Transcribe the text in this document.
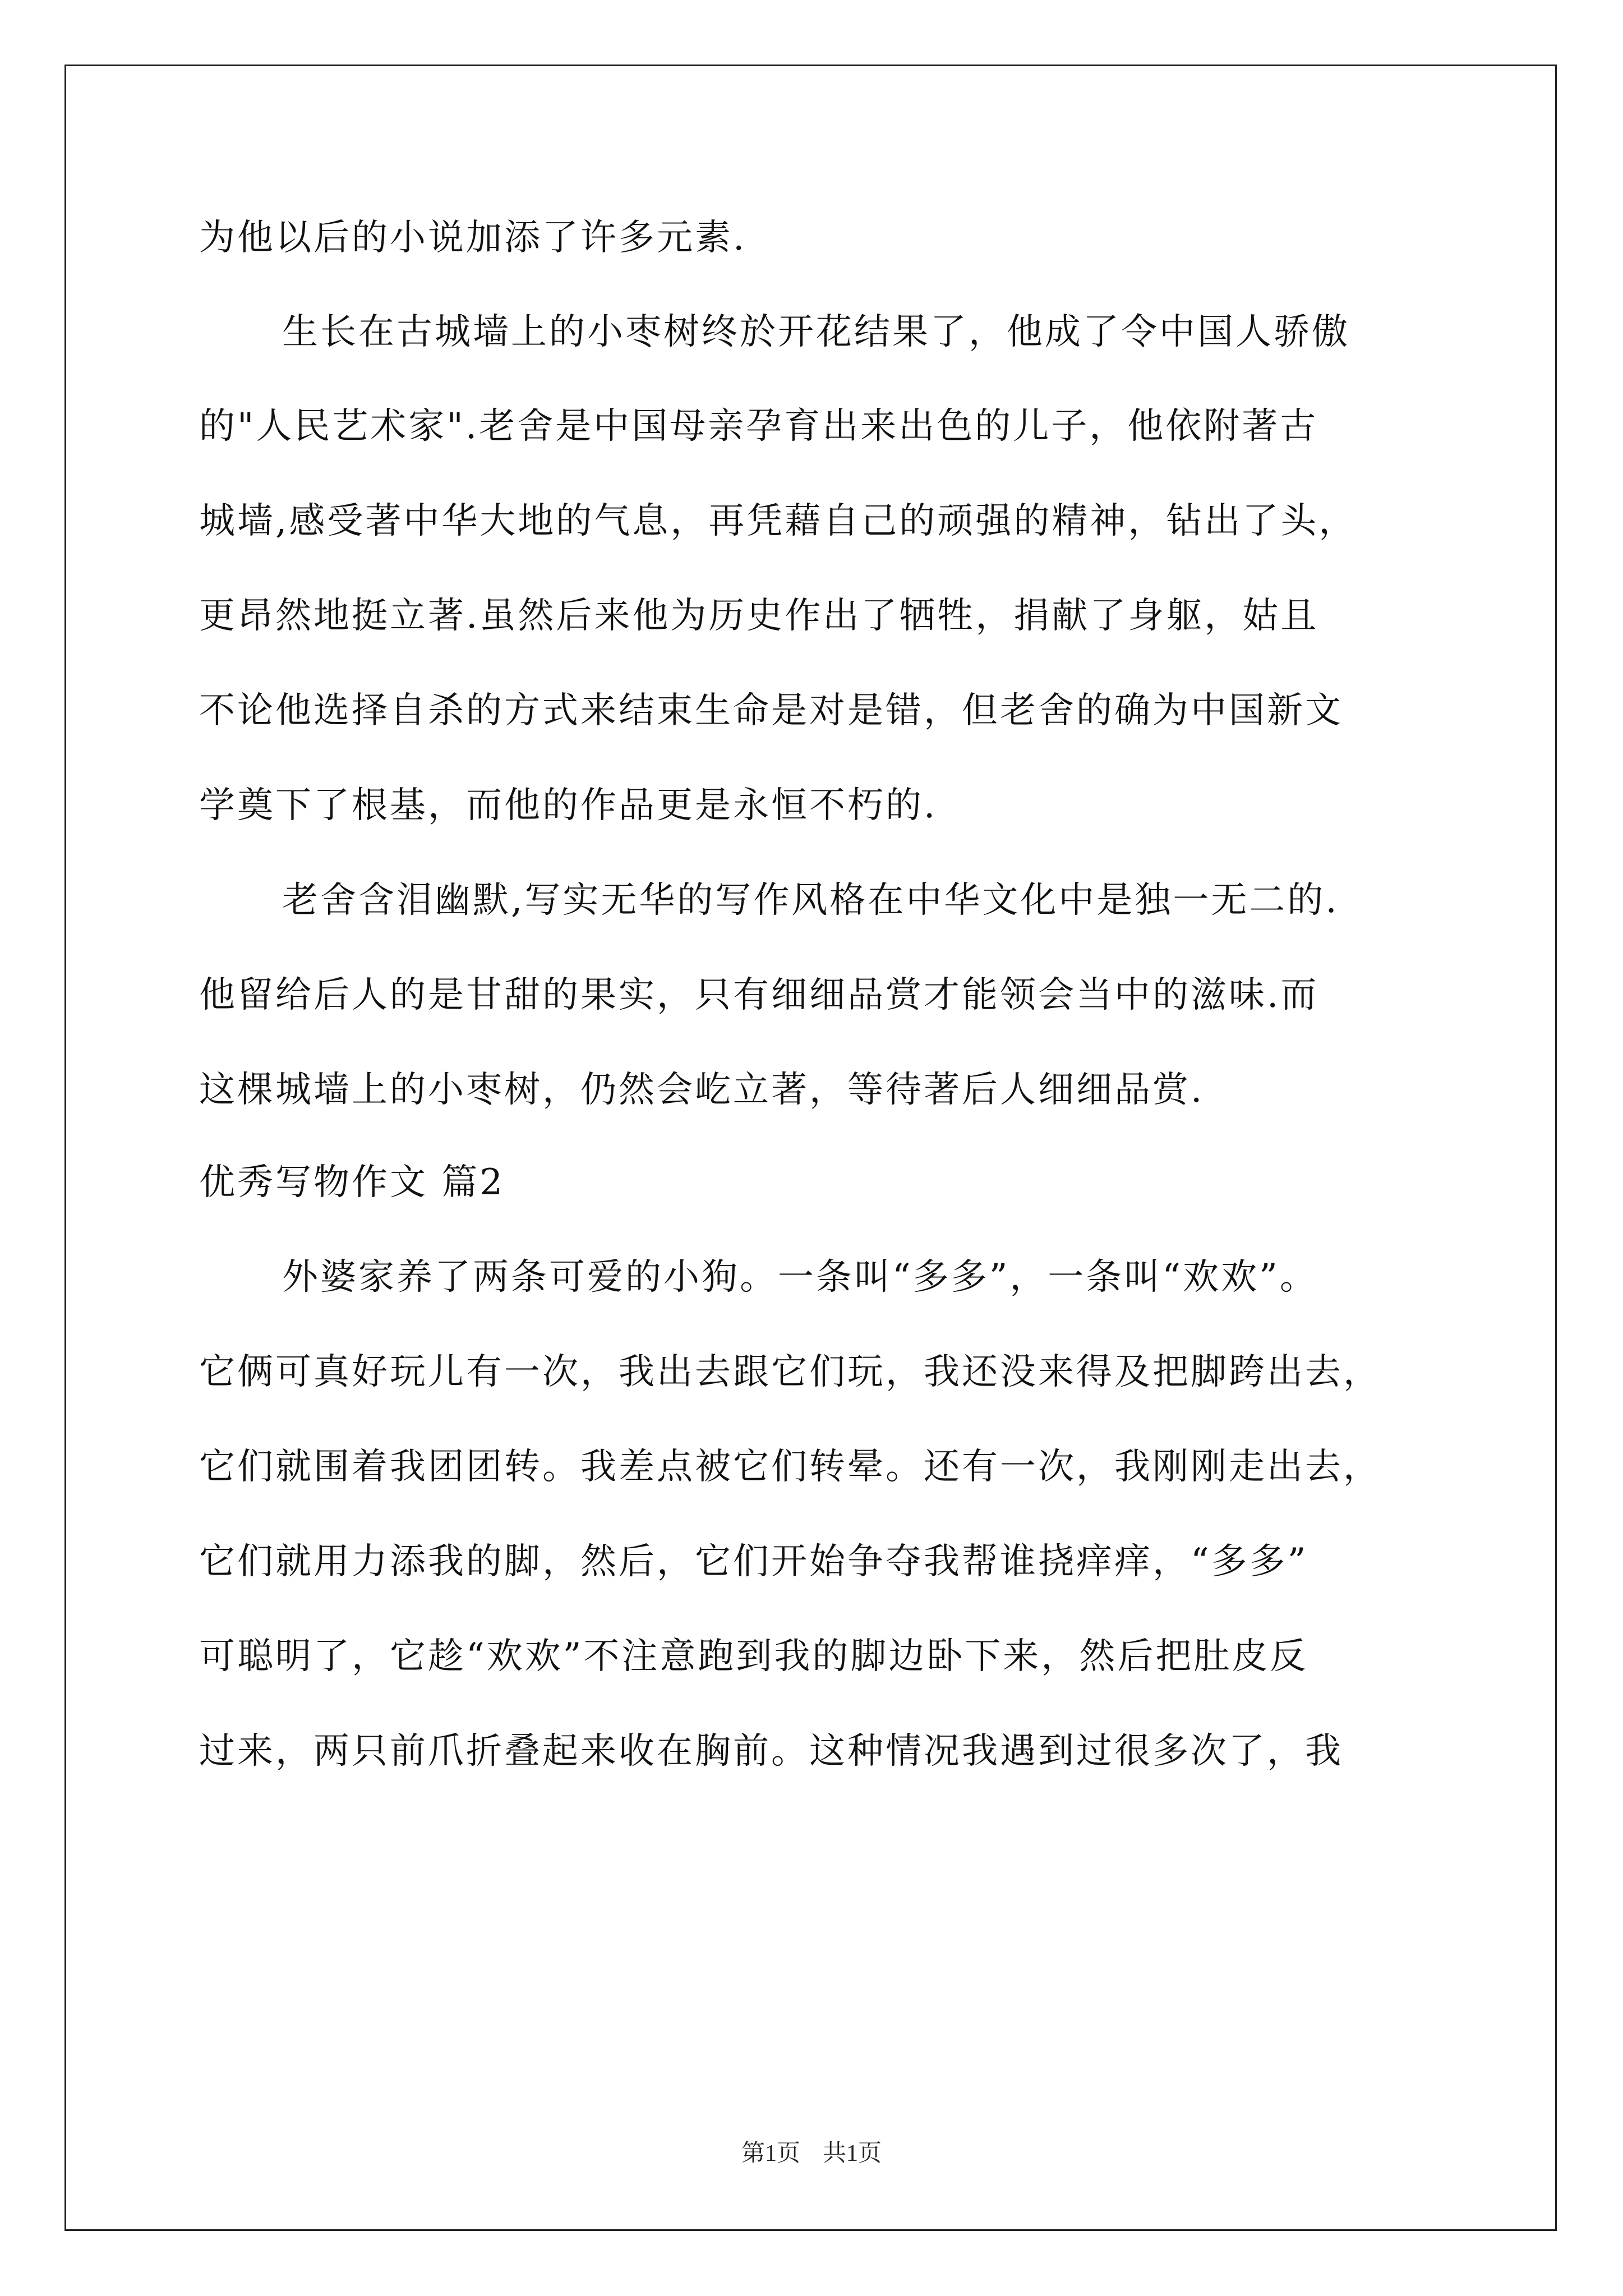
为他以后的小说加添了许多元素.
生长在古城墙上的小枣树终於开花结果了，他成了令中国人骄傲
的"人民艺术家".老舍是中国母亲孕育出来出色的儿子，他依附著古
城墙,感受著中华大地的气息，再凭藉自己的顽强的精神，钻出了头，
更昂然地挺立著.虽然后来他为历史作出了牺牲，捐献了身躯，姑且
不论他选择自杀的方式来结束生命是对是错，但老舍的确为中国新文
学奠下了根基，而他的作品更是永恒不朽的.
老舍含泪幽默,写实无华的写作风格在中华文化中是独一无二的.
他留给后人的是甘甜的果实，只有细细品赏才能领会当中的滋味.而
这棵城墙上的小枣树，仍然会屹立著，等待著后人细细品赏.
优秀写物作文 篇2
外婆家养了两条可爱的小狗。一条叫“多多”，一条叫“欢欢”。
它俩可真好玩儿有一次，我出去跟它们玩，我还没来得及把脚跨出去，
它们就围着我团团转。我差点被它们转晕。还有一次，我刚刚走出去，
它们就用力添我的脚，然后，它们开始争夺我帮谁挠痒痒，“多多”
可聪明了，它趁“欢欢”不注意跑到我的脚边卧下来，然后把肚皮反
过来，两只前爪折叠起来收在胸前。这种情况我遇到过很多次了，我
第1页 共1页
